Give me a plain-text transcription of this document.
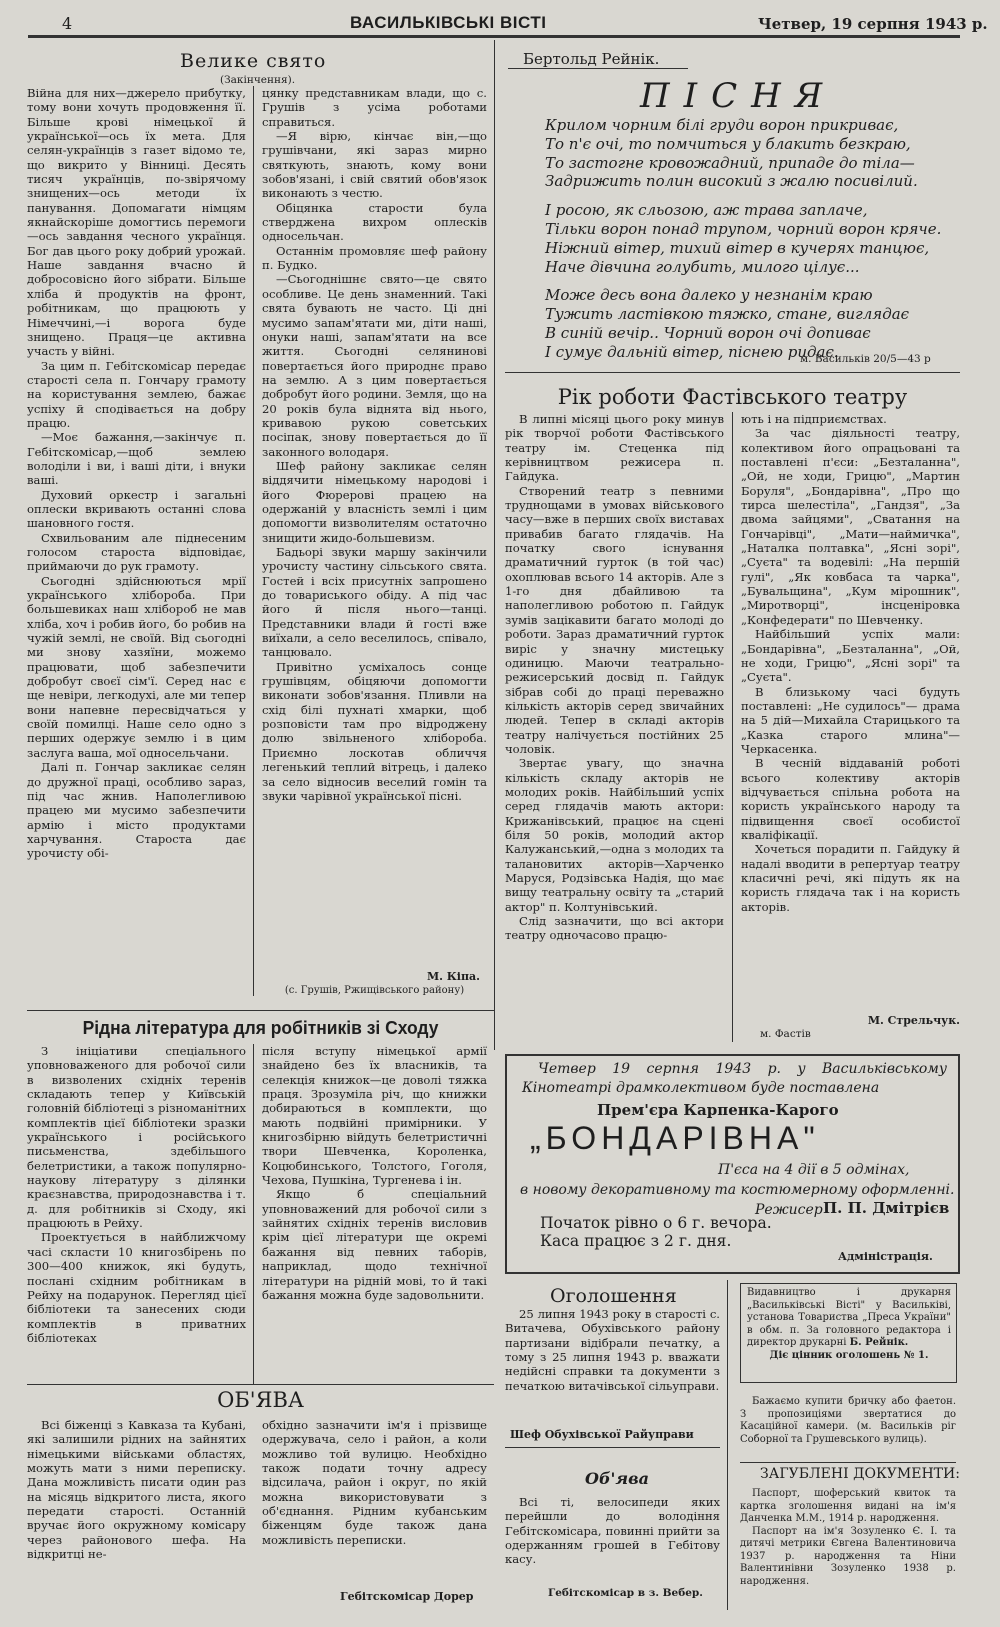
4	ВАСИЛЬКІВСЬКІ ВІСТІ	Четвер, 19 серпня 1943 р.
Велике свято
(Закінчення).

Війна для них—джерело прибутку, тому вони хочуть продовження її. Більше крові німецької й української—ось їх мета. Для селян-українців з газет відомо те, що викрито у Вінниці. Десять тисяч українців, по-звірячому знищених—ось методи їх панування. Допомагати німцям якнайскоріше домогтись перемоги—ось завдання чесного українця. Бог дав цього року добрий урожай. Наше завдання вчасно й добросовісно його зібрати. Більше хліба й продуктів на фронт, робітникам, що працюють у Німеччині,—і ворога буде знищено. Праця—це активна участь у війні.

За цим п. Гебітскомісар передає старості села п. Гончару грамоту на користування землею, бажає успіху й сподівається на добру працю.

—Моє бажання,—закінчує п. Гебітскомісар,—щоб землею володіли і ви, і ваші діти, і внуки ваші.

Духовий оркестр і загальні оплески вкривають останні слова шановного гостя.

Схвильованим але піднесеним голосом староста відповідає, приймаючи до рук грамоту.

Сьогодні здійснюються мрії українського хлібороба. При большевиках наш хлібороб не мав хліба, хоч і робив його, бо робив на чужій землі, не своїй. Від сьогодні ми знову хазяїни, можемо працювати, щоб забезпечити добробут своєї сім'ї. Серед нас є ще невіри, легкодухі, але ми тепер вони напевне пересвідчаться у своїй помилці. Наше село одно з перших одержує землю і в цим заслуга ваша, мої односельчани.

Далі п. Гончар закликає селян до дружної праці, особливо зараз, під час жнив. Наполегливою працею ми мусимо забезпечити армію і місто продуктами харчування. Староста дає урочисту обі-

цянку представникам влади, що с. Грушів з усіма роботами справиться.

—Я вірю, кінчає він,—що грушівчани, які зараз мирно святкують, знають, кому вони зобов'язані, і свій святий обов'язок виконають з честю.

Обіцянка старости була стверджена вихром оплесків односельчан.

Останнім промовляє шеф району п. Будко.

—Сьогоднішнє свято—це свято особливе. Це день знаменний. Такі свята бувають не часто. Ці дні мусимо запам'ятати ми, діти наші, онуки наші, запам'ятати на все життя. Сьогодні селянинові повертається його природнє право на землю. А з цим повертається добробут його родини. Земля, що на 20 років була віднята від нього, кривавою рукою советських посіпак, знову повертається до її законного володаря.

Шеф району закликає селян віддячити німецькому народові і його Фюрерові працею на одержаній у власність землі і цим допомогти визволителям остаточно знищити жидо-большевизм.

Бадьорі звуки маршу закінчили урочисту частину сільського свята. Гостей і всіх присутніх запрошено до товариського обіду. А під час його й після нього—танці. Представники влади й гості вже виїхали, а село веселилось, співало, танцювало.

Привітно усміхалось сонце грушівцям, обіцяючи допомогти виконати зобов'язання. Пливли на схід білі пухнаті хмарки, щоб розповісти там про відроджену долю звільненого хлібороба. Приємно лоскотав обличчя легенький теплий вітрець, і далеко за село відносив веселий гомін та звуки чарівної української пісні.

М. Кіпа.
(с. Грушів, Ржищівського району)
Бертольд Рейнік.
ПІСНЯ
Крилом чорним білі груди ворон прикриває,
То п'є очі, то помчиться у блакить безкраю,
То застогне кровожадний, припаде до тіла—
Задрижить полин високий з жалю посивілий.
І росою, як сльозою, аж трава заплаче,
Тільки ворон понад трупом, чорний ворон кряче.
Ніжний вітер, тихий вітер в кучерях танцює,
Наче дівчина голубить, милого цілує...
Може десь вона далеко у незнанім краю
Тужить ластівкою тяжко, стане, виглядає
В синій вечір.. Чорний ворон очі допиває
І сумує дальній вітер, піснею ридає.
м. Васильків 20/5—43 р
Рік роботи Фастівського театру

В липні місяці цього року минув рік творчої роботи Фастівського театру ім. Стеценка під керівництвом режисера п. Гайдука.

Створений театр з певними труднощами в умовах військового часу—вже в перших своїх виставах привабив багато глядачів. На початку свого існування драматичний гурток (в той час) охоплював всього 14 акторів. Але з 1-го дня дбайливою та наполегливою роботою п. Гайдук зумів зацікавити багато молоді до роботи. Зараз драматичний гурток виріс у значну мистецьку одиницю. Маючи театрально-режисерський досвід п. Гайдук зібрав собі до праці переважно кількість акторів серед звичайних людей. Тепер в складі акторів театру налічується постійних 25 чоловік.

Звертає увагу, що значна кількість складу акторів не молодих років. Найбільший успіх серед глядачів мають актори: Крижанівський, працює на сцені біля 50 років, молодий актор Калужанський,—одна з молодих та талановитих акторів—Харченко Маруся, Родзівська Надія, що має вищу театральну освіту та „старий актор" п. Колтунівський.

Слід зазначити, що всі актори театру одночасово працю-

ють і на підприємствах.

За час діяльності театру, колективом його опрацьовані та поставлені п'єси: „Безталанна", „Ой, не ходи, Грицю", „Мартин Боруля", „Бондарівна", „Про що тирса шелестіла", „Гандзя", „За двома зайцями", „Сватання на Гончарівці", „Мати—наймичка", „Наталка полтавка", „Ясні зорі", „Суєта" та водевілі: „На першій гулі", „Як ковбаса та чарка", „Бувальщина", „Кум мірошник", „Миротворці", інсценіровка „Конфедерати" по Шевченку.

Найбільший успіх мали: „Бондарівна", „Безталанна", „Ой, не ходи, Грицю", „Ясні зорі" та „Суєта".

В близькому часі будуть поставлені: „Не судилось"— драма на 5 дій—Михайла Старицького та „Казка старого млина"—Черкасенка.

В чесній віддаваній роботі всього колективу акторів відчувається спільна робота на користь українського народу та підвищення своєї особистої кваліфікації.

Хочеться порадити п. Гайдуку й надалі вводити в репертуар театру класичні речі, які підуть як на користь глядача так і на користь акторів.

М. Стрельчук.
м. Фастів
Рідна література для робітників зі Сходу

З ініціативи спеціального уповноваженого для робочої сили в визволених східніх теренів складають тепер у Київській головній бібліотеці з різноманітних комплектів цієї бібліотеки зразки українського і російського письменства, здебільшого белетристики, а також популярно-наукову літературу з ділянки краєзнавства, природознавства і т. д. для робітників зі Сходу, які працюють в Рейху.

Проектується в найближчому часі скласти 10 книгозбірень по 300—400 книжок, які будуть, послані східним робітникам в Рейху на подарунок. Перегляд цієї бібліотеки та занесених сюди комплектів в приватних бібліотеках

після вступу німецької армії знайдено без їх власників, та селекція книжок—це доволі тяжка праця. Зрозуміла річ, що книжки добираються в комплекти, що мають подвійні примірники. У книгозбірню війдуть белетристичні твори Шевченка, Короленка, Коцюбинського, Толстого, Гоголя, Чехова, Пушкіна, Тургенева і ін.

Якщо б спеціальний уповноважений для робочої сили з зайнятих східніх теренів висловив крім цієї літератури ще окремі бажання від певних таборів, наприклад, щодо технічної літератури на рідній мові, то й такі бажання можна буде задовольнити.

ОБ'ЯВА

Всі біженці з Кавказа та Кубані, які залишили рідних на зайнятих німецькими військами областях, можуть мати з ними переписку. Дана можливість писати один раз на місяць відкритого листа, якого передати старості. Останній вручає його окружному комісару через районового шефа. На відкритці не-

обхідно зазначити ім'я і прізвище одержувача, село і район, а коли можливо той вулицю. Необхідно також подати точну адресу відсилача, район і округ, по якій можна використовувати з об'єднання. Рідним кубанським біженцям буде також дана можливість переписки.

Гебітскомісар Дорер
Четвер 19 серпня 1943 р. у Васильківському Кінотеатрі драмколективом буде поставлена
Прем'єра Карпенка-Карого
„БОНДАРІВНА"
П'єса на 4 дії в 5 одмінах,
в новому декоративному та костюмерному оформленні.
Режисер П. П. Дмітрієв
Початок рівно о 6 г. вечора.
Каса працює з 2 г. дня.
Адміністрація.
Оголошення

25 липня 1943 року в старості с. Витачева, Обухівського району партизани відібрали печатку, а тому з 25 липня 1943 р. вважати недійсні справки та документи з печаткою витачівської сільуправи.

Шеф Обухівської Райуправи
Об'ява

Всі ті, велосипеди яких перейшли до володіння Гебітскомісара, повинні прийти за одержанням грошей в Гебітову касу.

Гебітскомісар в з. Вебер.
Видавництво і друкарня „Васильківські Вісті" у Васильківі, установа Товариства „Преса України" в обм. п. За головного редактора і директор друкарні Б. Рейнік.
Діє цінник оголошень № 1.
Бажаємо купити бричку або фаетон. З пропозиціями звертатися до Касаційної камери. (м. Васильків ріг Соборної та Грушевського вулиць).
ЗАГУБЛЕНІ ДОКУМЕНТИ:
Паспорт, шоферський квиток та картка зголошення видані на ім'я Данченка М.М., 1914 р. народження.
Паспорт на ім'я Зозуленко Є. І. та дитячі метрики Євгена Валентиновича 1937 р. народження та Ніни Валентинівни Зозуленко 1938 р. народження.
